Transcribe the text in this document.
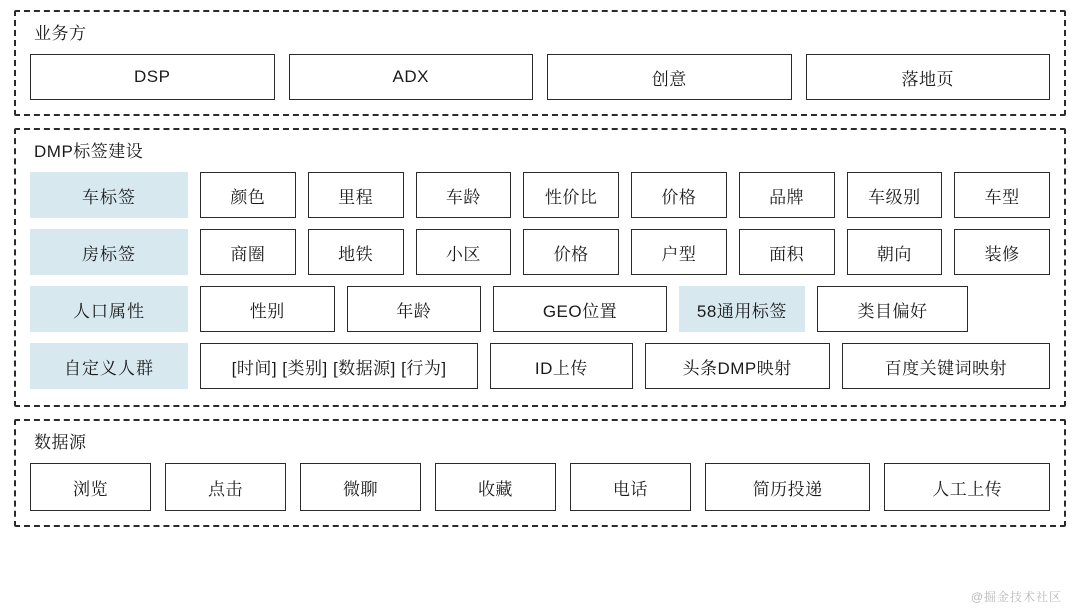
业务方
DSP	ADX	创意	落地页
DMP标签建设
车标签	颜色	里程	车龄	性价比	价格	品牌	车级别	车型
房标签	商圈	地铁	小区	价格	户型	面积	朝向	装修
人口属性	性别	年龄	GEO位置	58通用标签	类目偏好
自定义人群	[时间] [类别] [数据源] [行为]	ID上传	头条DMP映射	百度关键词映射
数据源
浏览	点击	微聊	收藏	电话	简历投递	人工上传
@掘金技术社区
